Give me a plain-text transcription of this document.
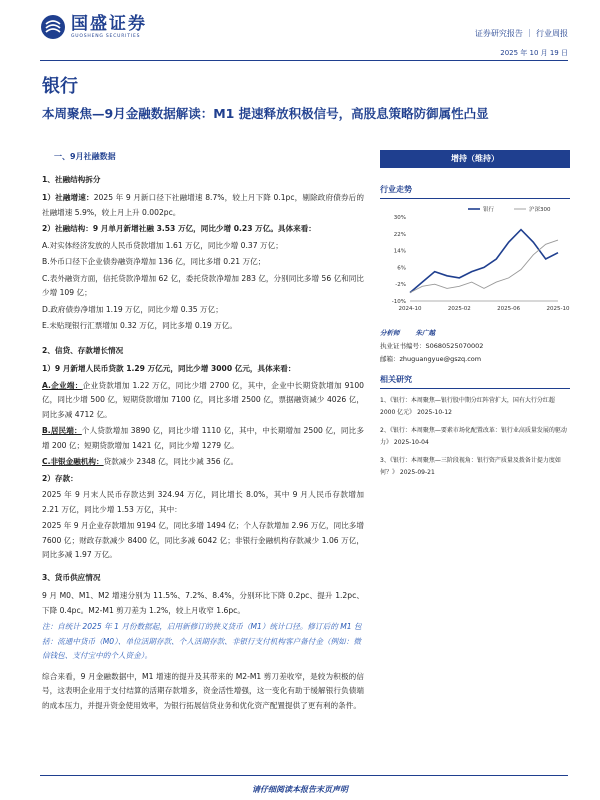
国盛证券
GUOSHENG SECURITIES	证券研究报告 ｜ 行业周报
2025 年 10 月 19 日
银行
本周聚焦—9月金融数据解读：M1 提速释放积极信号，高股息策略防御属性凸显
一、9月社融数据
1、社融结构拆分
1）社融增速：2025 年 9 月新口径下社融增速 8.7%，较上月下降 0.1pc，剔除政府债券后的社融增速 5.9%，较上月上升 0.002pc。
2）社融结构：9 月单月新增社融 3.53 万亿，同比少增 0.23 万亿。具体来看：
A.对实体经济发放的人民币贷款增加 1.61 万亿，同比少增 0.37 万亿；
B.外币口径下企业债券融资净增加 136 亿，同比多增 0.21 万亿；
C.表外融资方面，信托贷款净增加 62 亿，委托贷款净增加 283 亿，分别同比多增 56 亿和同比少增 109 亿；
D.政府债券净增加 1.19 万亿，同比少增 0.35 万亿；
E.未贴现银行汇票增加 0.32 万亿，同比多增 0.19 万亿。
2、信贷、存款增长情况
1）9 月新增人民币贷款 1.29 万亿元，同比少增 3000 亿元，具体来看：
A.企业端：企业贷款增加 1.22 万亿，同比少增 2700 亿，其中，企业中长期贷款增加 9100 亿，同比少增 500 亿，短期贷款增加 7100 亿，同比多增 2500 亿，票据融资减少 4026 亿，同比多减 4712 亿。
B.居民端：个人贷款增加 3890 亿，同比少增 1110 亿，其中，中长期增加 2500 亿，同比多增 200 亿；短期贷款增加 1421 亿，同比少增 1279 亿。
C.非银金融机构：贷款减少 2348 亿，同比少减 356 亿。
2）存款：
2025 年 9 月末人民币存款达到 324.94 万亿，同比增长 8.0%，其中 9 月人民币存款增加 2.21 万亿，同比少增 1.53 万亿，其中：
2025 年 9 月企业存款增加 9194 亿，同比多增 1494 亿；个人存款增加 2.96 万亿，同比多增 7600 亿；财政存款减少 8400 亿，同比多减 6042 亿；非银行金融机构存款减少 1.06 万亿，同比多减 1.97 万亿。
3、货币供应情况
9 月 M0、M1、M2 增速分别为 11.5%、7.2%、8.4%，分别环比下降 0.2pc、提升 1.2pc、下降 0.4pc。M2-M1 剪刀差为 1.2%，较上月收窄 1.6pc。
注：自统计 2025 年 1 月份数据起，启用新修订的狭义货币（M1）统计口径。修订后的 M1 包括：流通中货币（M0）、单位活期存款、个人活期存款、非银行支付机构客户备付金（例如：微信钱包、支付宝中的个人资金）。
综合来看，9 月金融数据中，M1 增速的提升及其带来的 M2-M1 剪刀差收窄，是较为积极的信号，这表明企业用于支付结算的活期存款增多，资金活性增强，这一变化有助于缓解银行负债端的成本压力，并提升资金使用效率，为银行拓展信贷业务和优化资产配置提供了更有利的条件。
增持（维持）
行业走势
30%
22%
14%
6%
-2%
-10%
2024-10	2025-02	2025-06	2025-10
银行	沪深300
分析师 朱广越
执业证书编号：S0680525070002
邮箱：zhuguangyue@gszq.com
相关研究
1、《银行：本周聚焦—银行股中期分红阵营扩大，国有大行分红超 2000 亿元》 2025-10-12
2、《银行：本周聚焦—要素市场化配置改革：银行业高质量发展的驱动力》 2025-10-04
3、《银行：本周聚焦—三阶段视角：银行资产质量及拨备计提力度如何？》 2025-09-21
请仔细阅读本报告末页声明
